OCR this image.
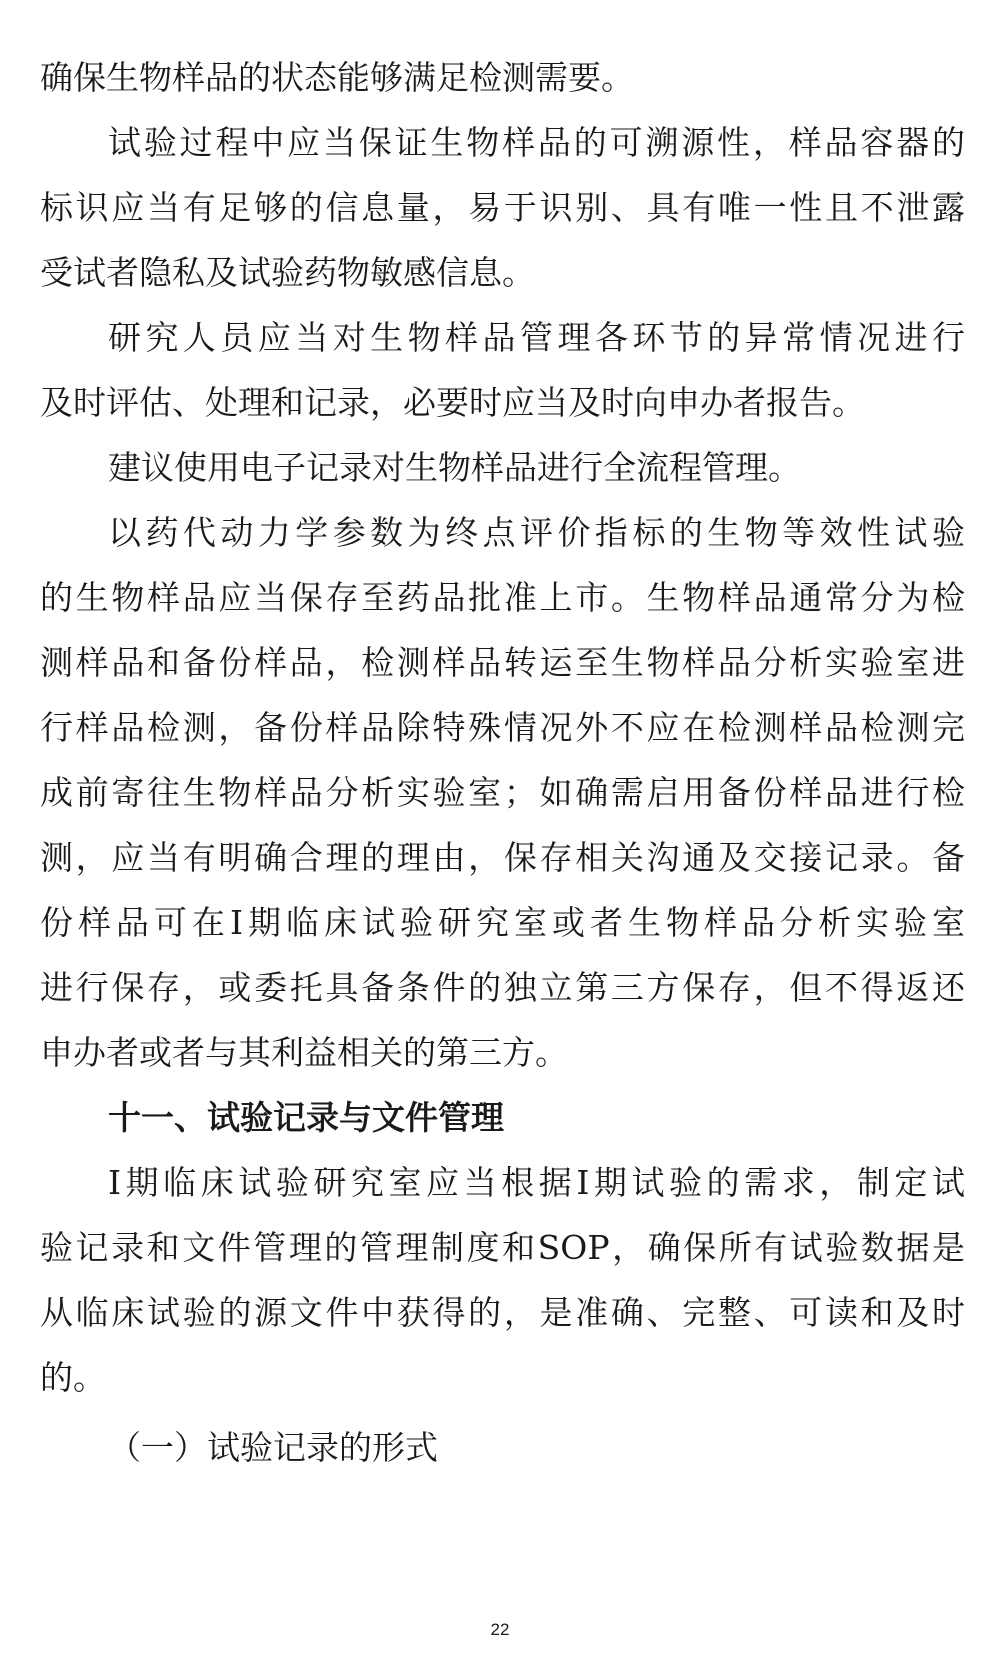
确保生物样品的状态能够满足检测需要。

试验过程中应当保证生物样品的可溯源性，样品容器的

标识应当有足够的信息量，易于识别、具有唯一性且不泄露

受试者隐私及试验药物敏感信息。

研究人员应当对生物样品管理各环节的异常情况进行

及时评估、处理和记录，必要时应当及时向申办者报告。

建议使用电子记录对生物样品进行全流程管理。

以药代动力学参数为终点评价指标的生物等效性试验

的生物样品应当保存至药品批准上市。生物样品通常分为检

测样品和备份样品，检测样品转运至生物样品分析实验室进

行样品检测，备份样品除特殊情况外不应在检测样品检测完

成前寄往生物样品分析实验室；如确需启用备份样品进行检

测，应当有明确合理的理由，保存相关沟通及交接记录。备

份样品可在Ⅰ期临床试验研究室或者生物样品分析实验室

进行保存，或委托具备条件的独立第三方保存，但不得返还

申办者或者与其利益相关的第三方。

十一、试验记录与文件管理

Ⅰ期临床试验研究室应当根据Ⅰ期试验的需求，制定试

验记录和文件管理的管理制度和SOP，确保所有试验数据是

从临床试验的源文件中获得的，是准确、完整、可读和及时

的。

（一）试验记录的形式
22
